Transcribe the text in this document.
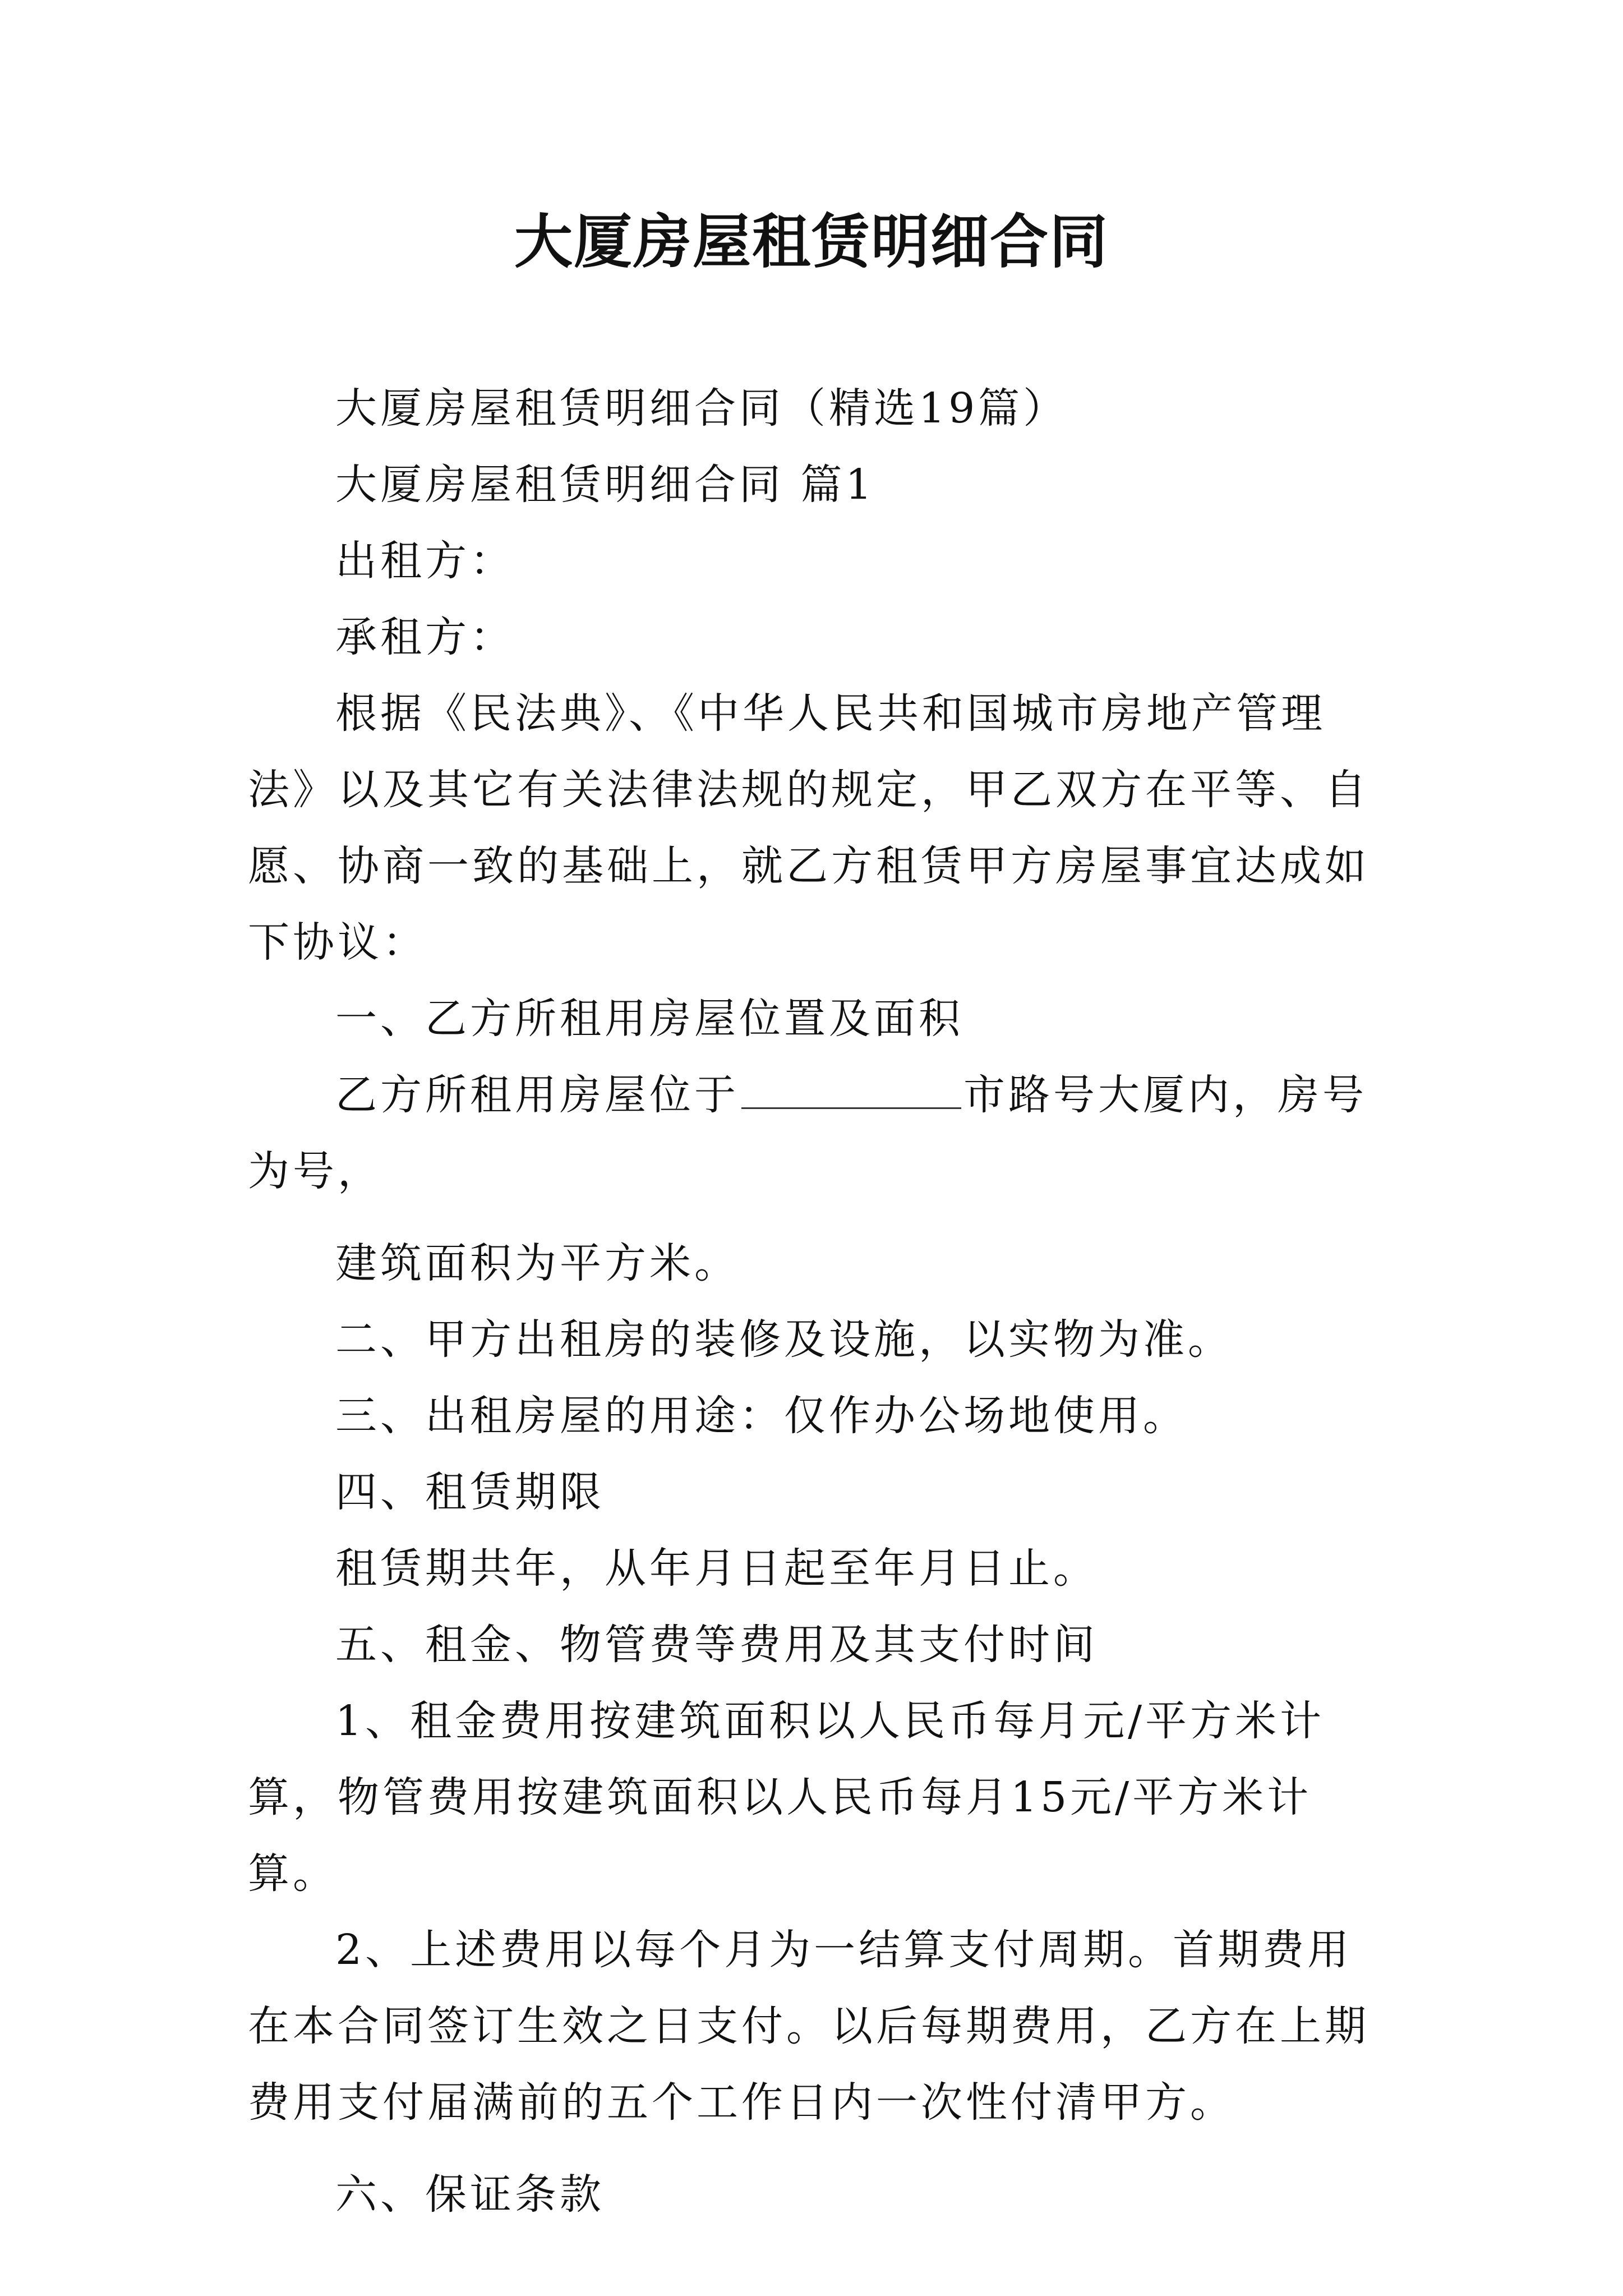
大厦房屋租赁明细合同

大厦房屋租赁明细合同（精选19篇）

大厦房屋租赁明细合同 篇1

出租方：

承租方：

根据《民法典》、《中华人民共和国城市房地产管理法》以及其它有关法律法规的规定，甲乙双方在平等、自愿、协商一致的基础上，就乙方租赁甲方房屋事宜达成如下协议：

一、乙方所租用房屋位置及面积

乙方所租用房屋位于	市路号大厦内，房号为号，

建筑面积为平方米。

二、甲方出租房的装修及设施，以实物为准。

三、出租房屋的用途：仅作办公场地使用。

四、租赁期限

租赁期共年，从年月日起至年月日止。

五、租金、物管费等费用及其支付时间

1、租金费用按建筑面积以人民币每月元/平方米计算，物管费用按建筑面积以人民币每月15元/平方米计算。

2、上述费用以每个月为一结算支付周期。首期费用在本合同签订生效之日支付。以后每期费用，乙方在上期费用支付届满前的五个工作日内一次性付清甲方。

六、保证条款
